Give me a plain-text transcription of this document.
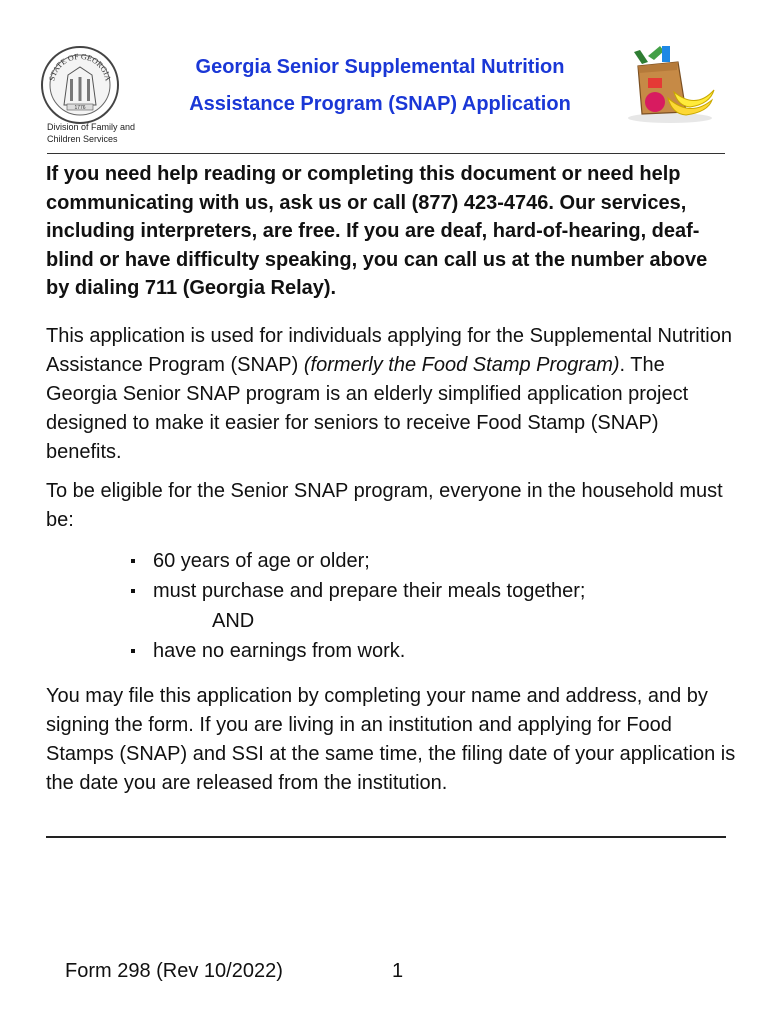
STATE OF GEORGIA
1776
Division of Family and Children Services
Georgia Senior Supplemental Nutrition
Assistance Program (SNAP) Application

If you need help reading or completing this document or need help communicating with us, ask us or call (877) 423-4746. Our services, including interpreters, are free. If you are deaf, hard-of-hearing, deaf-blind or have difficulty speaking, you can call us at the number above by dialing 711 (Georgia Relay).

This application is used for individuals applying for the Supplemental Nutrition Assistance Program (SNAP) (formerly the Food Stamp Program). The Georgia Senior SNAP program is an elderly simplified application project designed to make it easier for seniors to receive Food Stamp (SNAP) benefits.

To be eligible for the Senior SNAP program, everyone in the household must be:

60 years of age or older;
must purchase and prepare their meals together;
AND
have no earnings from work.

You may file this application by completing your name and address, and by signing the form. If you are living in an institution and applying for Food Stamps (SNAP) and SSI at the same time, the filing date of your application is the date you are released from the institution.

Form 298 (Rev 10/2022)	1
